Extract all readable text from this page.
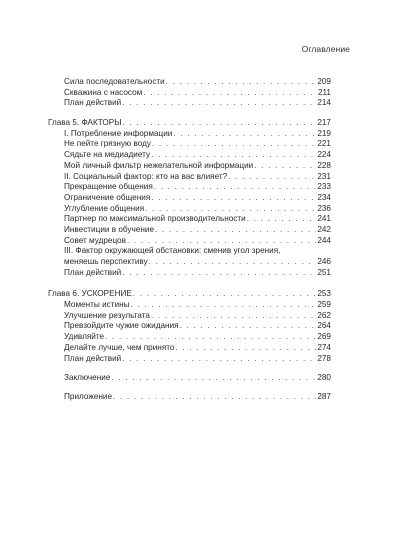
Оглавление
Сила последовательности . . .	209
Скважина с насосом . . .	211
План действий . . .	214
Глава 5. ФАКТОРЫ . . .	217
I. Потребление информации . . .	219
Не пейте грязную воду . . .	221
Сядьте на медиадиету . . .	224
Мой личный фильтр нежелательной информации . . .	228
II. Социальный фактор: кто на вас влияет? . . .	231
Прекращение общения . . .	233
Ограничение общения . . .	234
Углубление общения . . .	236
Партнер по максимальной производительности . . .	241
Инвестиции в обучение . . .	242
Совет мудрецов . . .	244
III. Фактор окружающей обстановки: сменив угол зрения,
меняешь перспективу . . .	246
План действий . . .	251
Глава 6. УСКОРЕНИЕ . . .	253
Моменты истины . . .	259
Улучшение результата . . .	262
Превзойдите чужие ожидания . . .	264
Удивляйте . . .	269
Делайте лучше, чем принято . . .	274
План действий . . .	278
Заключение . . .	280
Приложение . . .	287
